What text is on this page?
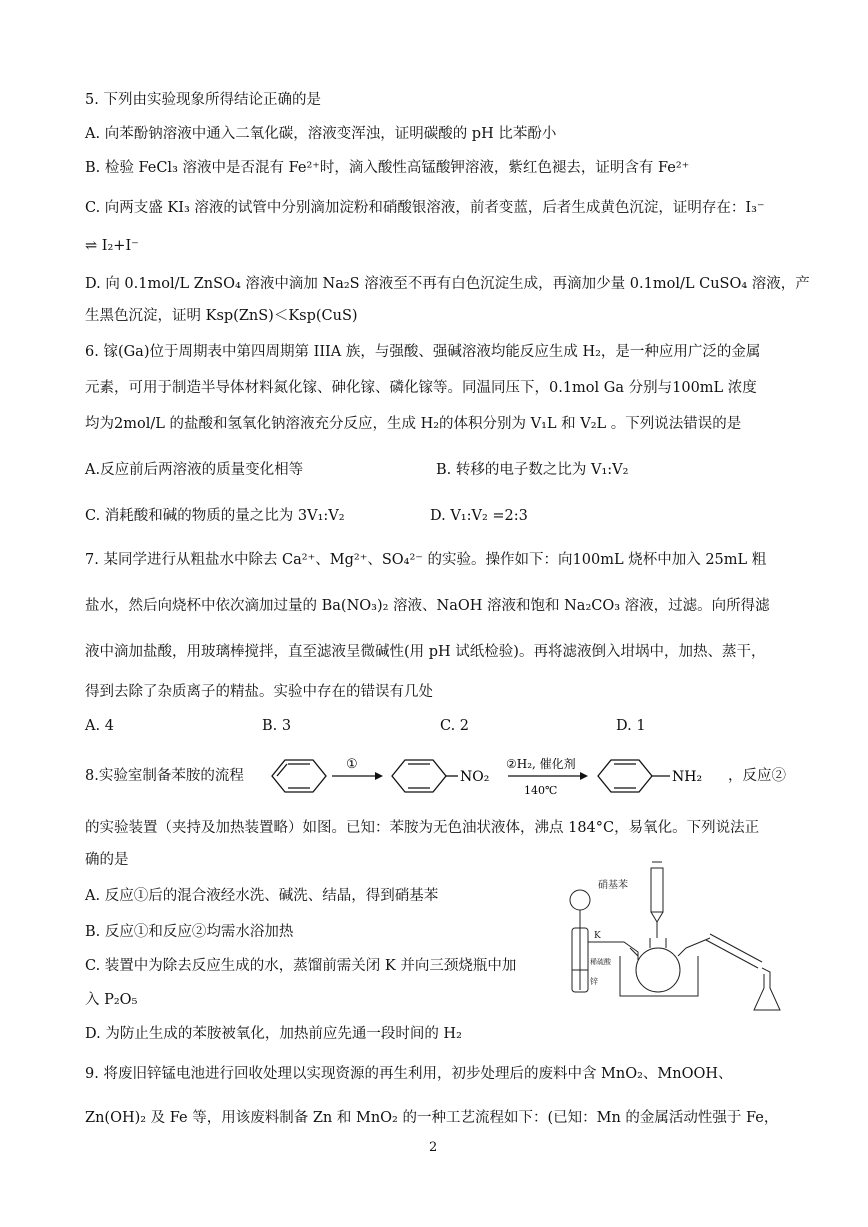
5. 下列由实验现象所得结论正确的是
A. 向苯酚钠溶液中通入二氧化碳，溶液变浑浊，证明碳酸的 pH 比苯酚小
B. 检验 FeCl₃ 溶液中是否混有 Fe²⁺时，滴入酸性高锰酸钾溶液，紫红色褪去，证明含有 Fe²⁺
C. 向两支盛 KI₃ 溶液的试管中分别滴加淀粉和硝酸银溶液，前者变蓝，后者生成黄色沉淀，证明存在：I₃⁻
⇌ I₂+I⁻
D. 向 0.1mol/L ZnSO₄ 溶液中滴加 Na₂S 溶液至不再有白色沉淀生成，再滴加少量 0.1mol/L CuSO₄ 溶液，产
生黑色沉淀，证明 Ksp(ZnS)＜Ksp(CuS)
6. 镓(Ga)位于周期表中第四周期第 IIIA 族，与强酸、强碱溶液均能反应生成 H₂，是一种应用广泛的金属
元素，可用于制造半导体材料氮化镓、砷化镓、磷化镓等。同温同压下，0.1mol Ga 分别与100mL 浓度
均为2mol/L 的盐酸和氢氧化钠溶液充分反应，生成 H₂的体积分别为 V₁L 和 V₂L 。下列说法错误的是
A.反应前后两溶液的质量变化相等	B. 转移的电子数之比为 V₁:V₂
C. 消耗酸和碱的物质的量之比为 3V₁:V₂	D. V₁:V₂ =2:3
7. 某同学进行从粗盐水中除去 Ca²⁺、Mg²⁺、SO₄²⁻ 的实验。操作如下：向100mL 烧杯中加入 25mL 粗
盐水，然后向烧杯中依次滴加过量的 Ba(NO₃)₂ 溶液、NaOH 溶液和饱和 Na₂CO₃ 溶液，过滤。向所得滤
液中滴加盐酸，用玻璃棒搅拌，直至滤液呈微碱性(用 pH 试纸检验)。再将滤液倒入坩埚中，加热、蒸干，
得到去除了杂质离子的精盐。实验中存在的错误有几处
A. 4	B. 3	C. 2	D. 1
8.实验室制备苯胺的流程
①
NO₂
②H₂, 催化剂
140℃
NH₂ ，反应②
的实验装置（夹持及加热装置略）如图。已知：苯胺为无色油状液体，沸点 184°C，易氧化。下列说法正
确的是
A. 反应①后的混合液经水洗、碱洗、结晶，得到硝基苯
B. 反应①和反应②均需水浴加热
C. 装置中为除去反应生成的水，蒸馏前需关闭 K 并向三颈烧瓶中加
入 P₂O₅
D. 为防止生成的苯胺被氧化，加热前应先通一段时间的 H₂
硝基苯
K
稀硫酸
锌
9. 将废旧锌锰电池进行回收处理以实现资源的再生利用，初步处理后的废料中含 MnO₂、MnOOH、
Zn(OH)₂ 及 Fe 等，用该废料制备 Zn 和 MnO₂ 的一种工艺流程如下：(已知：Mn 的金属活动性强于 Fe，
2
